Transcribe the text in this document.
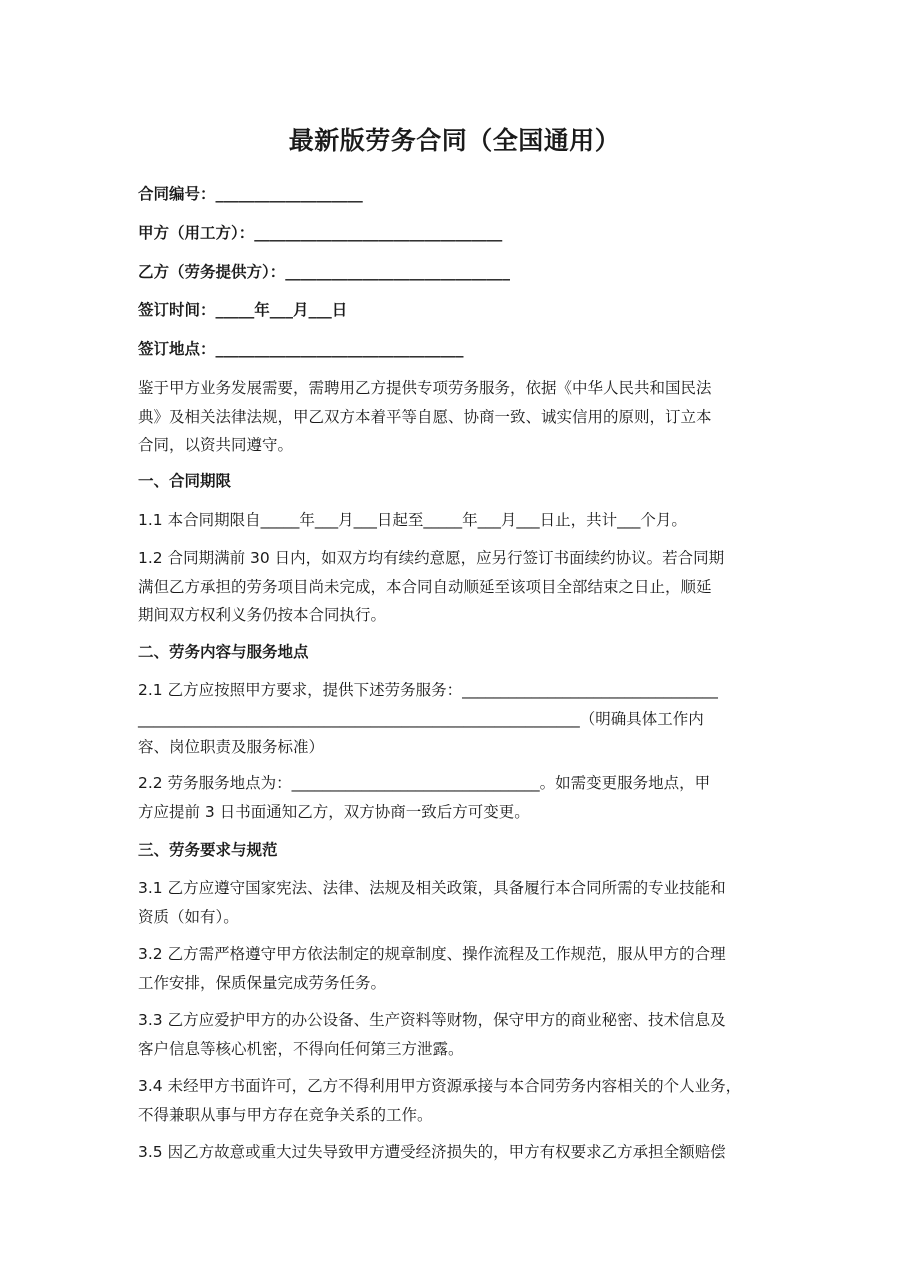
最新版劳务合同（全国通用）
合同编号：___________________
甲方（用工方）：________________________________
乙方（劳务提供方）：_____________________________
签订时间：_____年___月___日
签订地点：________________________________
鉴于甲方业务发展需要，需聘用乙方提供专项劳务服务，依据《中华人民共和国民法
典》及相关法律法规，甲乙双方本着平等自愿、协商一致、诚实信用的原则，订立本
合同，以资共同遵守。
一、合同期限
1.1 本合同期限自_____年___月___日起至_____年___月___日止，共计___个月。
1.2 合同期满前 30 日内，如双方均有续约意愿，应另行签订书面续约协议。若合同期
满但乙方承担的劳务项目尚未完成，本合同自动顺延至该项目全部结束之日止，顺延
期间双方权利义务仍按本合同执行。
二、劳务内容与服务地点
2.1 乙方应按照甲方要求，提供下述劳务服务：_________________________________
_________________________________________________________（明确具体工作内
容、岗位职责及服务标准）
2.2 劳务服务地点为：________________________________。如需变更服务地点，甲
方应提前 3 日书面通知乙方，双方协商一致后方可变更。
三、劳务要求与规范
3.1 乙方应遵守国家宪法、法律、法规及相关政策，具备履行本合同所需的专业技能和
资质（如有）。
3.2 乙方需严格遵守甲方依法制定的规章制度、操作流程及工作规范，服从甲方的合理
工作安排，保质保量完成劳务任务。
3.3 乙方应爱护甲方的办公设备、生产资料等财物，保守甲方的商业秘密、技术信息及
客户信息等核心机密，不得向任何第三方泄露。
3.4 未经甲方书面许可，乙方不得利用甲方资源承接与本合同劳务内容相关的个人业务，
不得兼职从事与甲方存在竞争关系的工作。
3.5 因乙方故意或重大过失导致甲方遭受经济损失的，甲方有权要求乙方承担全额赔偿
